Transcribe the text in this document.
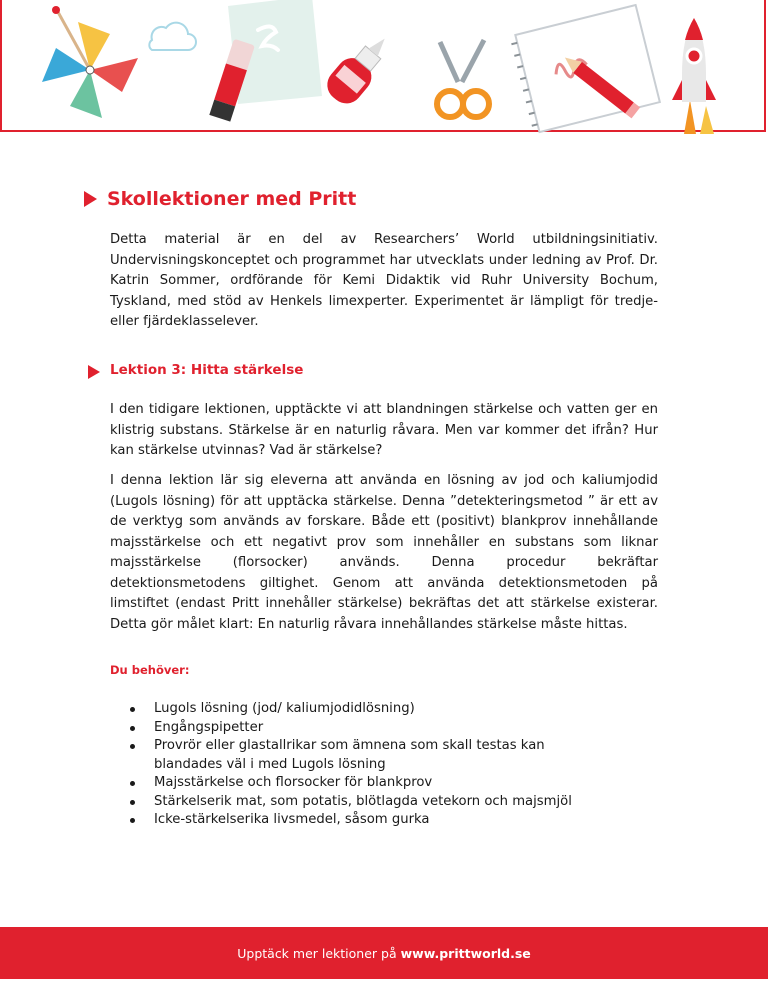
Skollektioner med Pritt
Detta material är en del av Researchers’ World utbildningsinitiativ. Undervisningskonceptet och programmet har utvecklats under ledning av Prof. Dr. Katrin Sommer, ordförande för Kemi Didaktik vid Ruhr University Bochum, Tyskland, med stöd av Henkels limexperter. Experimentet är lämpligt för tredje- eller fjärdeklasselever.
Lektion 3: Hitta stärkelse
I den tidigare lektionen, upptäckte vi att blandningen stärkelse och vatten ger en klistrig substans. Stärkelse är en naturlig råvara. Men var kommer det ifrån? Hur kan stärkelse utvinnas? Vad är stärkelse?
I denna lektion lär sig eleverna att använda en lösning av jod och kaliumjodid (Lugols lösning) för att upptäcka stärkelse. Denna ”detekteringsmetod ” är ett av de verktyg som används av forskare. Både ett (positivt) blankprov innehållande majsstärkelse och ett negativt prov som innehåller en substans som liknar majsstärkelse (florsocker) används. Denna procedur bekräftar detektionsmetodens giltighet. Genom att använda detektionsmetoden på limstiftet (endast Pritt innehåller stärkelse) bekräftas det att stärkelse existerar. Detta gör målet klart: En naturlig råvara innehållandes stärkelse måste hittas.
Du behöver:
Lugols lösning (jod/ kaliumjodidlösning)
Engångspipetter
Provrör eller glastallrikar som ämnena som skall testas kan blandades väl i med Lugols lösning
Majsstärkelse och florsocker för blankprov
Stärkelserik mat, som potatis, blötlagda vetekorn och majsmjöl
Icke-stärkelserika livsmedel, såsom gurka
Upptäck mer lektioner på www.prittworld.se
